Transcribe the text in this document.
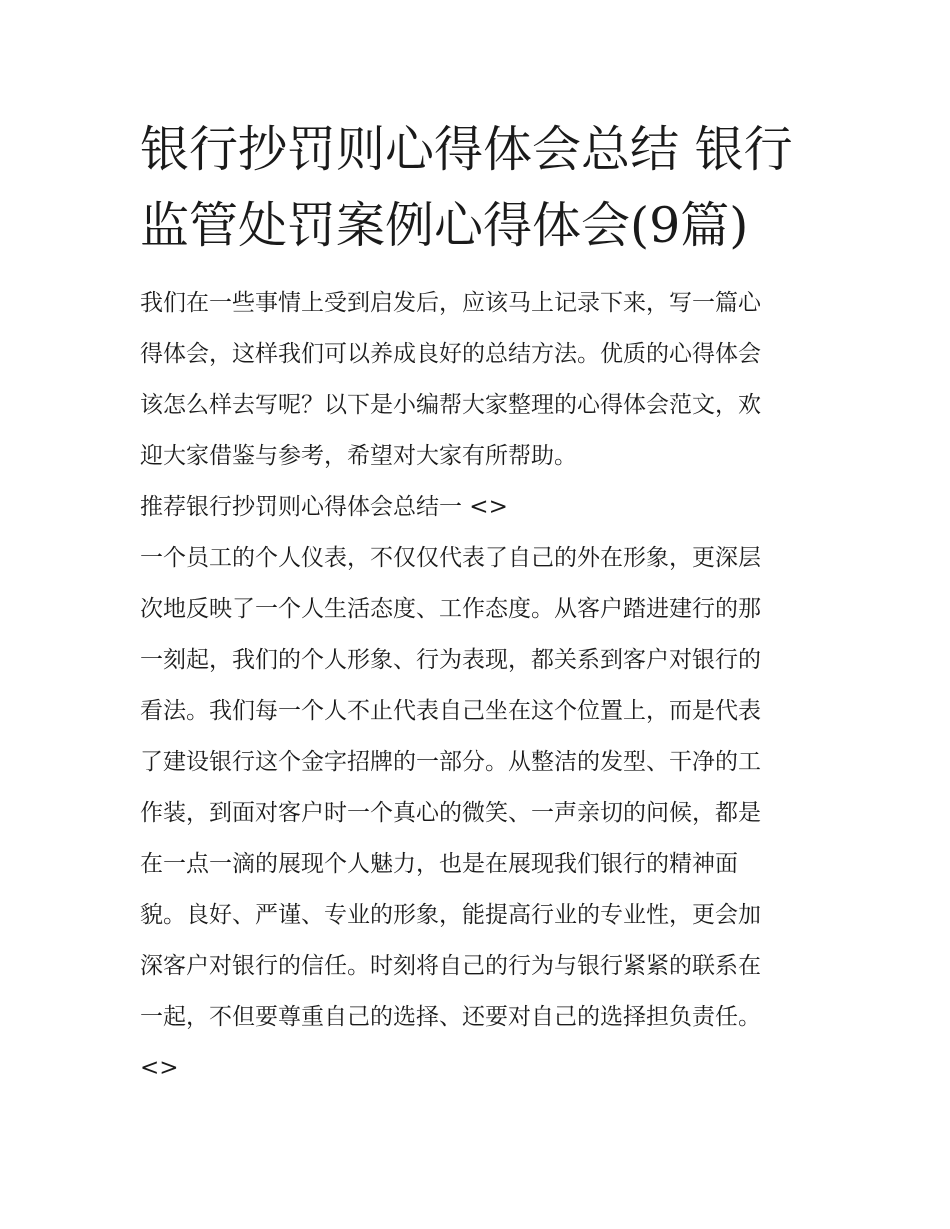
银行抄罚则心得体会总结 银行
监管处罚案例心得体会(9篇)

我们在一些事情上受到启发后，应该马上记录下来，写一篇心

得体会，这样我们可以养成良好的总结方法。优质的心得体会

该怎么样去写呢？以下是小编帮大家整理的心得体会范文，欢

迎大家借鉴与参考，希望对大家有所帮助。

推荐银行抄罚则心得体会总结一 <>

一个员工的个人仪表，不仅仅代表了自己的外在形象，更深层

次地反映了一个人生活态度、工作态度。从客户踏进建行的那

一刻起，我们的个人形象、行为表现，都关系到客户对银行的

看法。我们每一个人不止代表自己坐在这个位置上，而是代表

了建设银行这个金字招牌的一部分。从整洁的发型、干净的工

作装，到面对客户时一个真心的微笑、一声亲切的问候，都是

在一点一滴的展现个人魅力，也是在展现我们银行的精神面

貌。良好、严谨、专业的形象，能提高行业的专业性，更会加

深客户对银行的信任。时刻将自己的行为与银行紧紧的联系在

一起，不但要尊重自己的选择、还要对自己的选择担负责任。

<>
